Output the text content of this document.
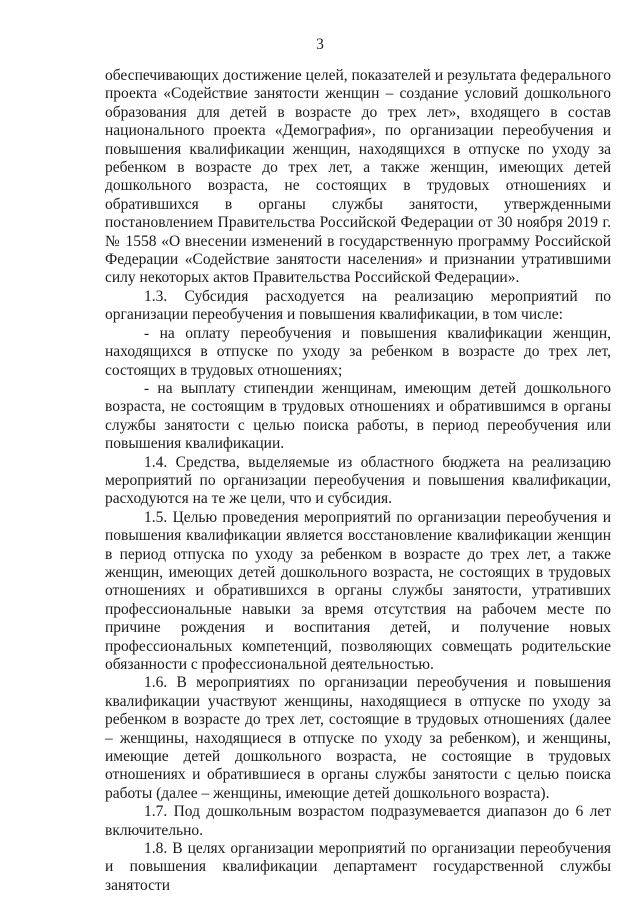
3

обеспечивающих достижение целей, показателей и результата федерального проекта «Содействие занятости женщин – создание условий дошкольного образования для детей в возрасте до трех лет», входящего в состав национального проекта «Демография», по организации переобучения и повышения квалификации женщин, находящихся в отпуске по уходу за ребенком в возрасте до трех лет, а также женщин, имеющих детей дошкольного возраста, не состоящих в трудовых отношениях и обратившихся в органы службы занятости, утвержденными постановлением Правительства Российской Федерации от 30 ноября 2019 г. № 1558 «О внесении изменений в государственную программу Российской Федерации «Содействие занятости населения» и признании утратившими силу некоторых актов Правительства Российской Федерации».

1.3. Субсидия расходуется на реализацию мероприятий по организации переобучения и повышения квалификации, в том числе:

- на оплату переобучения и повышения квалификации женщин, находящихся в отпуске по уходу за ребенком в возрасте до трех лет, состоящих в трудовых отношениях;

- на выплату стипендии женщинам, имеющим детей дошкольного возраста, не состоящим в трудовых отношениях и обратившимся в органы службы занятости с целью поиска работы, в период переобучения или повышения квалификации.

1.4. Средства, выделяемые из областного бюджета на реализацию мероприятий по организации переобучения и повышения квалификации, расходуются на те же цели, что и субсидия.

1.5. Целью проведения мероприятий по организации переобучения и повышения квалификации является восстановление квалификации женщин в период отпуска по уходу за ребенком в возрасте до трех лет, а также женщин, имеющих детей дошкольного возраста, не состоящих в трудовых отношениях и обратившихся в органы службы занятости, утративших профессиональные навыки за время отсутствия на рабочем месте по причине рождения и воспитания детей, и получение новых профессиональных компетенций, позволяющих совмещать родительские обязанности с профессиональной деятельностью.

1.6. В мероприятиях по организации переобучения и повышения квалификации участвуют женщины, находящиеся в отпуске по уходу за ребенком в возрасте до трех лет, состоящие в трудовых отношениях (далее – женщины, находящиеся в отпуске по уходу за ребенком), и женщины, имеющие детей дошкольного возраста, не состоящие в трудовых отношениях и обратившиеся в органы службы занятости с целью поиска работы (далее – женщины, имеющие детей дошкольного возраста).

1.7. Под дошкольным возрастом подразумевается диапазон до 6 лет включительно.

1.8. В целях организации мероприятий по организации переобучения и повышения квалификации департамент государственной службы занятости
